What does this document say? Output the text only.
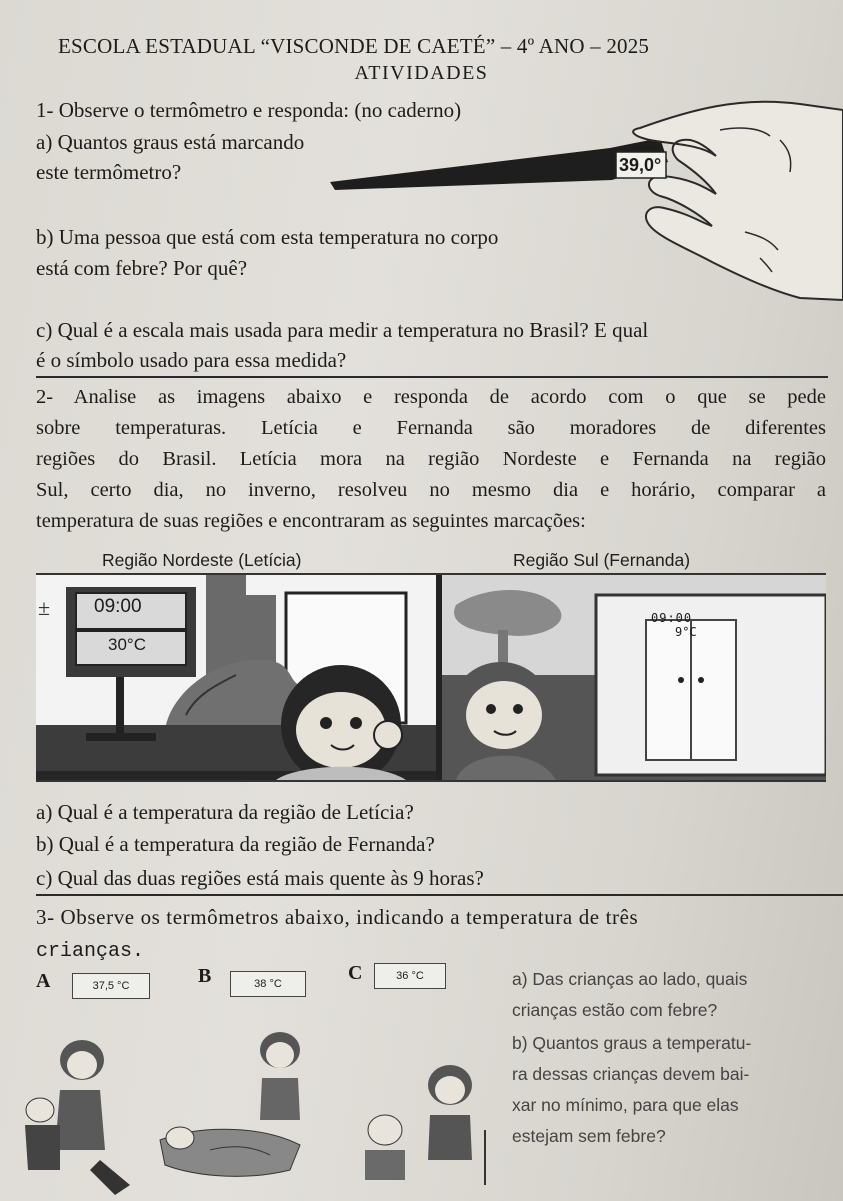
39,0°
ESCOLA ESTADUAL “VISCONDE DE CAETÉ” – 4º ANO – 2025
ATIVIDADES
1- Observe o termômetro e responda: (no caderno)
a) Quantos graus está marcando
este termômetro?
b) Uma pessoa que está com esta temperatura no corpo
está com febre? Por quê?
c) Qual é a escala mais usada para medir a temperatura no Brasil? E qual
é o símbolo usado para essa medida?
2- Analise as imagens abaixo e responda de acordo com o que se pede
sobre temperaturas. Letícia e Fernanda são moradores de diferentes
regiões do Brasil. Letícia mora na região Nordeste e Fernanda na região
Sul, certo dia, no inverno, resolveu no mesmo dia e horário, comparar a
temperatura de suas regiões e encontraram as seguintes marcações:
Região Nordeste (Letícia)	Região Sul (Fernanda)
± 09:00
30°C
09:00
9°C
a) Qual é a temperatura da região de Letícia?
b) Qual é a temperatura da região de Fernanda?
c) Qual das duas regiões está mais quente às 9 horas?
3- Observe os termômetros abaixo, indicando a temperatura de três
crianças.
A	37,5 °C	B	38 °C	C	36 °C	a) Das crianças ao lado, quais
crianças estão com febre?
b) Quantos graus a temperatu-
ra dessas crianças devem bai-
xar no mínimo, para que elas
estejam sem febre?
